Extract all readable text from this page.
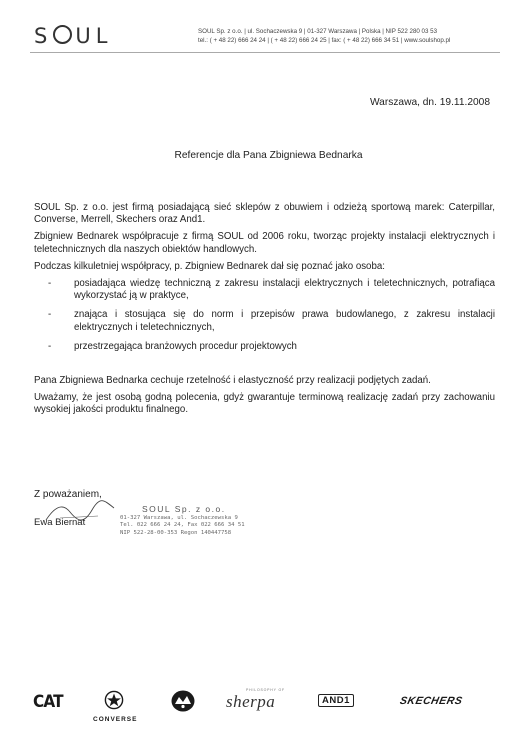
S UL	SOUL Sp. z o.o. | ul. Sochaczewska 9 | 01-327 Warszawa | Polska | NIP 522 280 03 53
tel.: ( + 48 22) 666 24 24 | ( + 48 22) 666 24 25 | fax: ( + 48 22) 666 34 51 | www.soulshop.pl
Warszawa, dn. 19.11.2008
Referencje dla Pana Zbigniewa Bednarka

SOUL Sp. z o.o. jest firmą posiadającą sieć sklepów z obuwiem i odzieżą sportową marek: Caterpillar, Converse, Merrell, Skechers oraz And1.

Zbigniew Bednarek współpracuje z firmą SOUL od 2006 roku, tworząc projekty instalacji elektrycznych i teletechnicznych dla naszych obiektów handlowych.

Podczas kilkuletniej współpracy, p. Zbigniew Bednarek dał się poznać jako osoba:

- posiadająca wiedzę techniczną z zakresu instalacji elektrycznych i teletechnicznych, potrafiąca wykorzystać ją w praktyce,
- znająca i stosująca się do norm i przepisów prawa budowlanego, z zakresu instalacji elektrycznych i teletechnicznych,
- przestrzegająca branżowych procedur projektowych

Pana Zbigniewa Bednarka cechuje rzetelność i elastyczność przy realizacji podjętych zadań.

Uważamy, że jest osobą godną polecenia, gdyż gwarantuje terminową realizację zadań przy zachowaniu wysokiej jakości produktu finalnego.

Z poważaniem,
Ewa Biernat
SOUL Sp. z o.o.
01-327 Warszawa, ul. Sochaczewska 9
Tel. 022 666 24 24, Fax 022 666 34 51
NIP 522-28-00-353 Regon 140447758
CAT
CONVERSE
PHILOSOPHY OF
sherpa	AND1	SKECHERS
